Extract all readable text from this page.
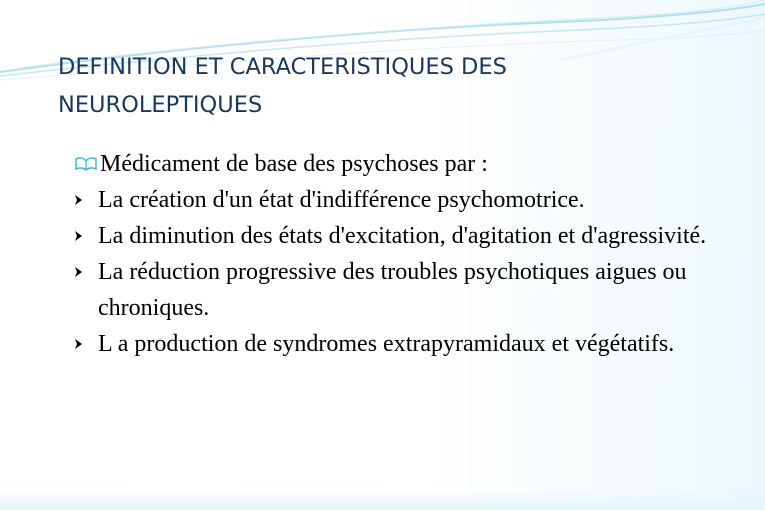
DEFINITION ET CARACTERISTIQUES DES NEUROLEPTIQUES
Médicament de base des psychoses par :
La création d'un état d'indifférence psychomotrice.
La diminution des états d'excitation, d'agitation et d'agressivité.
La réduction progressive des troubles psychotiques aigues ou chroniques.
L a production de syndromes extrapyramidaux et végétatifs.
